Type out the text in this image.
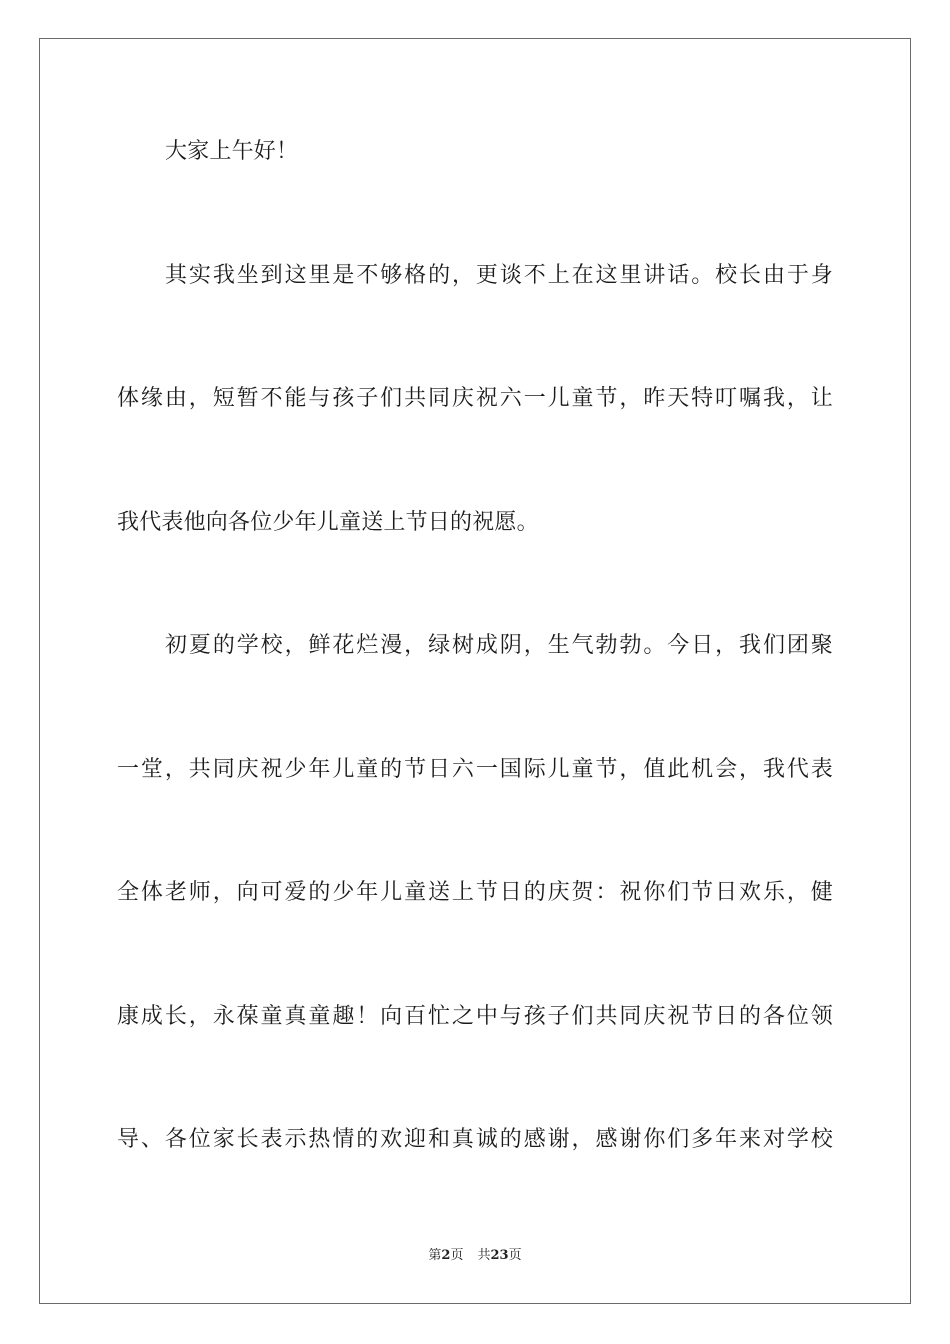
大家上午好！
其实我坐到这里是不够格的，更谈不上在这里讲话。校长由于身
体缘由，短暂不能与孩子们共同庆祝六一儿童节，昨天特叮嘱我，让
我代表他向各位少年儿童送上节日的祝愿。
初夏的学校，鲜花烂漫，绿树成阴，生气勃勃。今日，我们团聚
一堂，共同庆祝少年儿童的节日六一国际儿童节，值此机会，我代表
全体老师，向可爱的少年儿童送上节日的庆贺：祝你们节日欢乐，健
康成长，永葆童真童趣！向百忙之中与孩子们共同庆祝节日的各位领
导、各位家长表示热情的欢迎和真诚的感谢，感谢你们多年来对学校
第2页 共23页
